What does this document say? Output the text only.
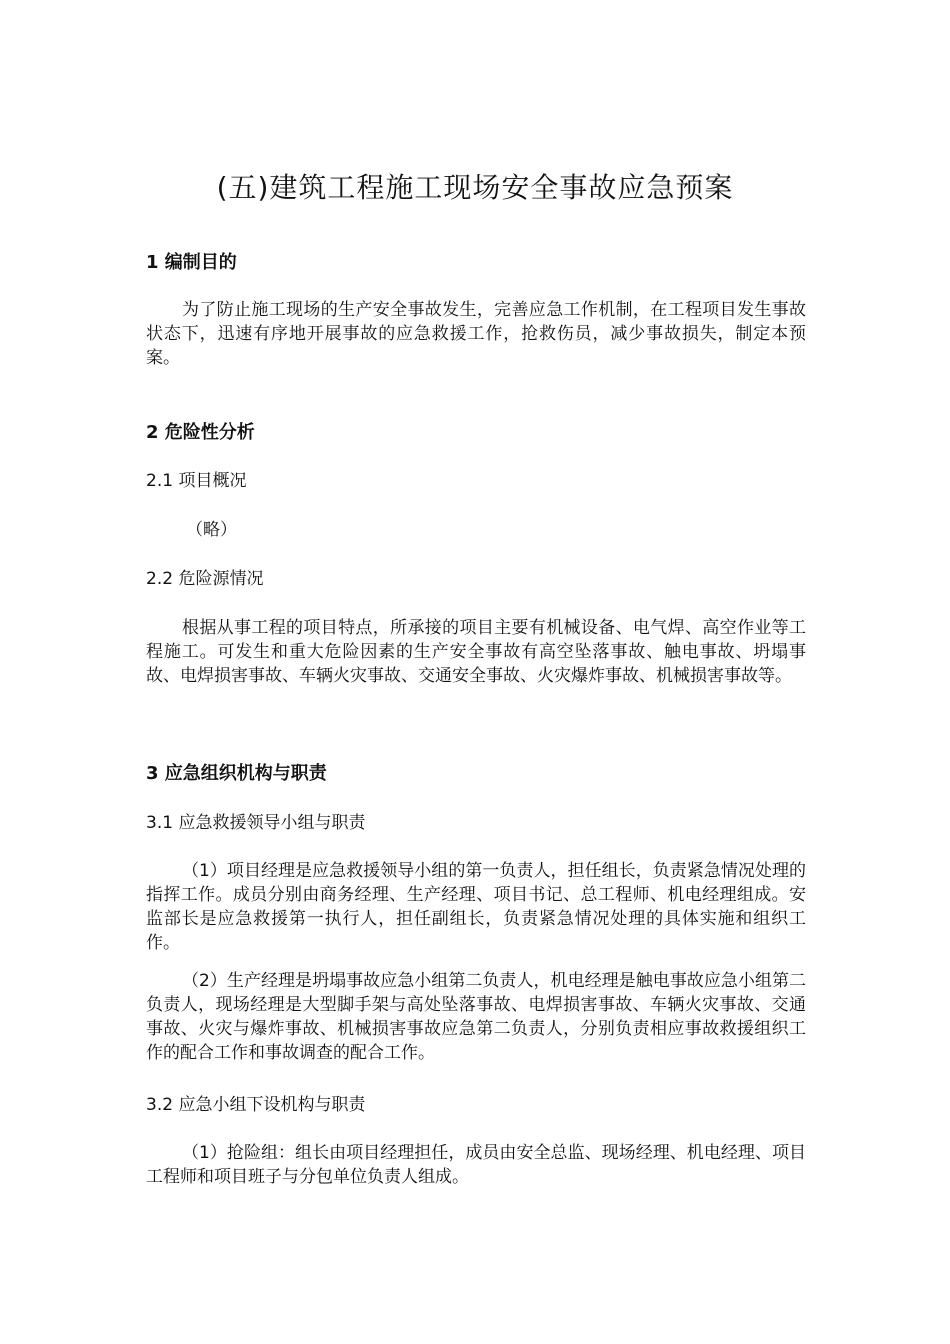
(五)建筑工程施工现场安全事故应急预案
1 编制目的

为了防止施工现场的生产安全事故发生，完善应急工作机制，在工程项目发生事故状态下，迅速有序地开展事故的应急救援工作，抢救伤员，减少事故损失，制定本预案。

2 危险性分析
2.1 项目概况
（略）
2.2 危险源情况

根据从事工程的项目特点，所承接的项目主要有机械设备、电气焊、高空作业等工程施工。可发生和重大危险因素的生产安全事故有高空坠落事故、触电事故、坍塌事故、电焊损害事故、车辆火灾事故、交通安全事故、火灾爆炸事故、机械损害事故等。

3 应急组织机构与职责
3.1 应急救援领导小组与职责

（1）项目经理是应急救援领导小组的第一负责人，担任组长，负责紧急情况处理的指挥工作。成员分别由商务经理、生产经理、项目书记、总工程师、机电经理组成。安监部长是应急救援第一执行人，担任副组长，负责紧急情况处理的具体实施和组织工作。

（2）生产经理是坍塌事故应急小组第二负责人，机电经理是触电事故应急小组第二负责人，现场经理是大型脚手架与高处坠落事故、电焊损害事故、车辆火灾事故、交通事故、火灾与爆炸事故、机械损害事故应急第二负责人，分别负责相应事故救援组织工作的配合工作和事故调查的配合工作。

3.2 应急小组下设机构与职责

（1）抢险组：组长由项目经理担任，成员由安全总监、现场经理、机电经理、项目工程师和项目班子与分包单位负责人组成。
